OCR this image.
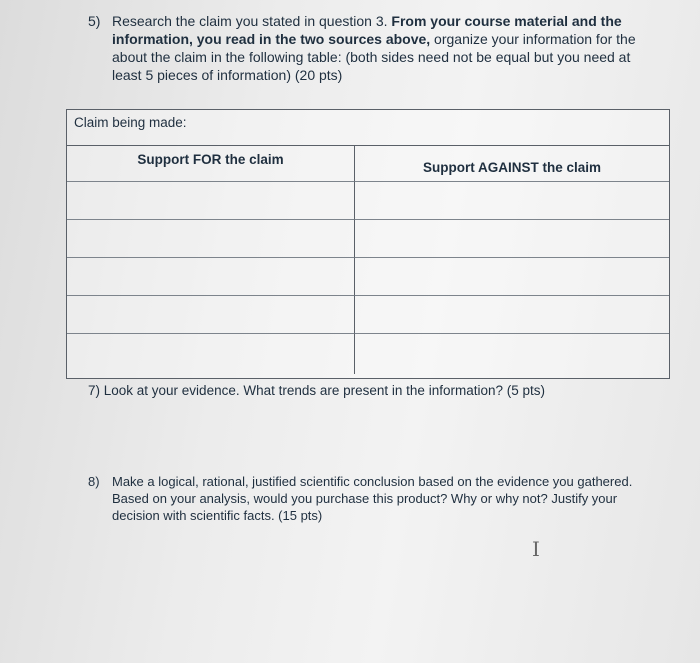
5) Research the claim you stated in question 3. From your course material and the information, you read in the two sources above, organize your information for the about the claim in the following table: (both sides need not be equal but you need at least 5 pieces of information) (20 pts)
Claim being made:
Support FOR the claim
Support AGAINST the claim
7) Look at your evidence. What trends are present in the information? (5 pts)
8) Make a logical, rational, justified scientific conclusion based on the evidence you gathered. Based on your analysis, would you purchase this product? Why or why not? Justify your decision with scientific facts. (15 pts)
I
